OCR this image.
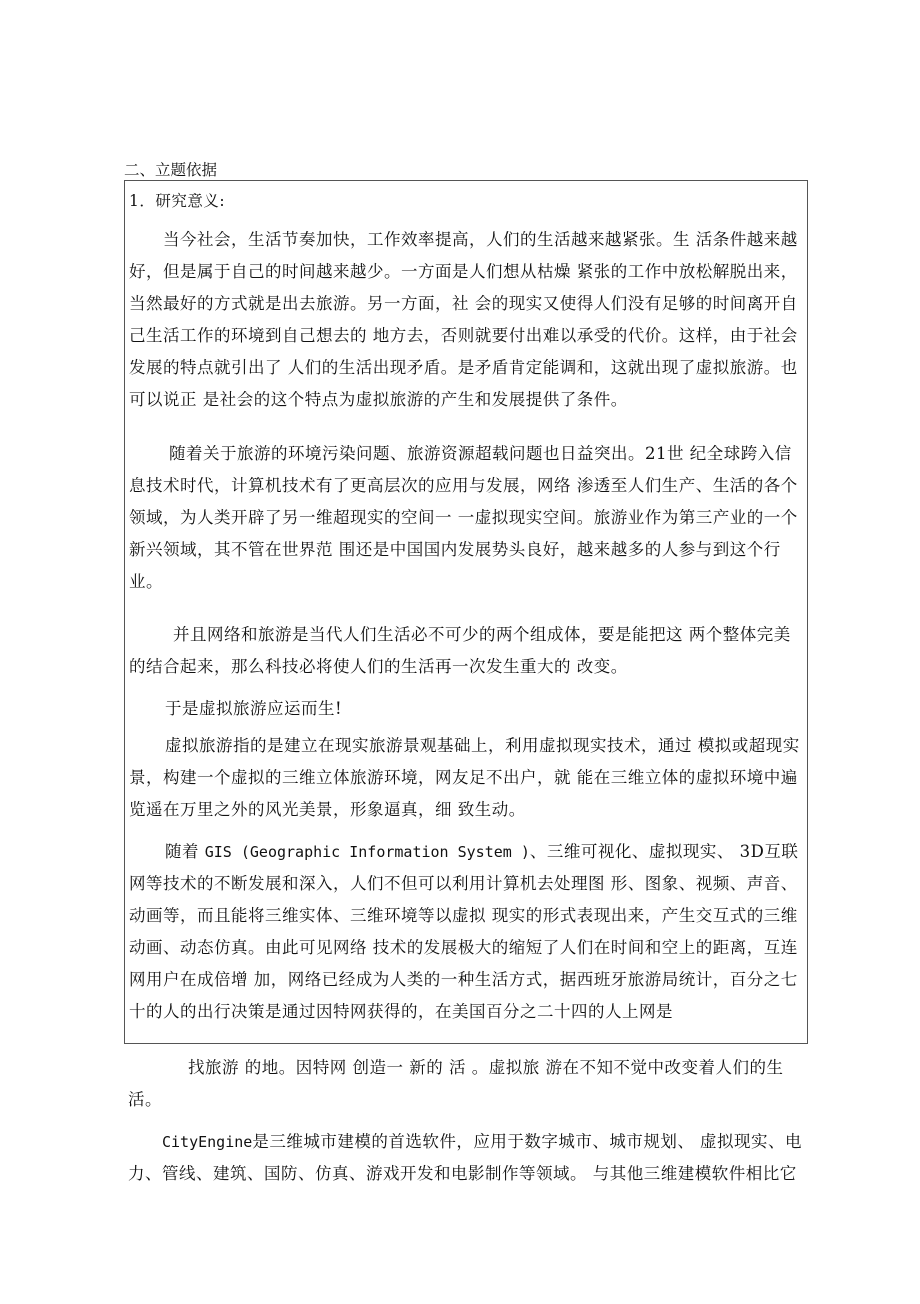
二、立题依据
1．研究意义:
当今社会，生活节奏加快，工作效率提高，人们的生活越来越紧张。生 活条件越来越好，但是属于自己的时间越来越少。一方面是人们想从枯燥 紧张的工作中放松解脱出来，当然最好的方式就是出去旅游。另一方面，社 会的现实又使得人们没有足够的时间离开自己生活工作的环境到自己想去的 地方去，否则就要付出难以承受的代价。这样，由于社会发展的特点就引出了 人们的生活出现矛盾。是矛盾肯定能调和，这就出现了虚拟旅游。也可以说正 是社会的这个特点为虚拟旅游的产生和发展提供了条件。
随着关于旅游的环境污染问题、旅游资源超载问题也日益突出。21世 纪全球跨入信息技术时代，计算机技术有了更高层次的应用与发展，网络 渗透至人们生产、生活的各个领域，为人类开辟了另一维超现实的空间一 一虚拟现实空间。旅游业作为第三产业的一个新兴领域，其不管在世界范 围还是中国国内发展势头良好，越来越多的人参与到这个行业。
并且网络和旅游是当代人们生活必不可少的两个组成体，要是能把这 两个整体完美的结合起来，那么科技必将使人们的生活再一次发生重大的 改变。
于是虚拟旅游应运而生!
虚拟旅游指的是建立在现实旅游景观基础上，利用虚拟现实技术，通过 模拟或超现实景，构建一个虚拟的三维立体旅游环境，网友足不出户，就 能在三维立体的虚拟环境中遍览遥在万里之外的风光美景，形象逼真，细 致生动。
随着 GIS (Geographic Information System )、三维可视化、虚拟现实、 3D互联网等技术的不断发展和深入，人们不但可以利用计算机去处理图 形、图象、视频、声音、动画等，而且能将三维实体、三维环境等以虚拟 现实的形式表现出来，产生交互式的三维动画、动态仿真。由此可见网络 技术的发展极大的缩短了人们在时间和空上的距离，互连网用户在成倍增 加，网络已经成为人类的一种生活方式，据西班牙旅游局统计，百分之七十的人的出行决策是通过因特网获得的，在美国百分之二十四的人上网是
找旅游 的地。因特网 创造一 新的 活 。虚拟旅 游在不知不觉中改变着人们的生活。
CityEngine是三维城市建模的首选软件，应用于数字城市、城市规划、 虚拟现实、电力、管线、建筑、国防、仿真、游戏开发和电影制作等领域。 与其他三维建模软件相比它
